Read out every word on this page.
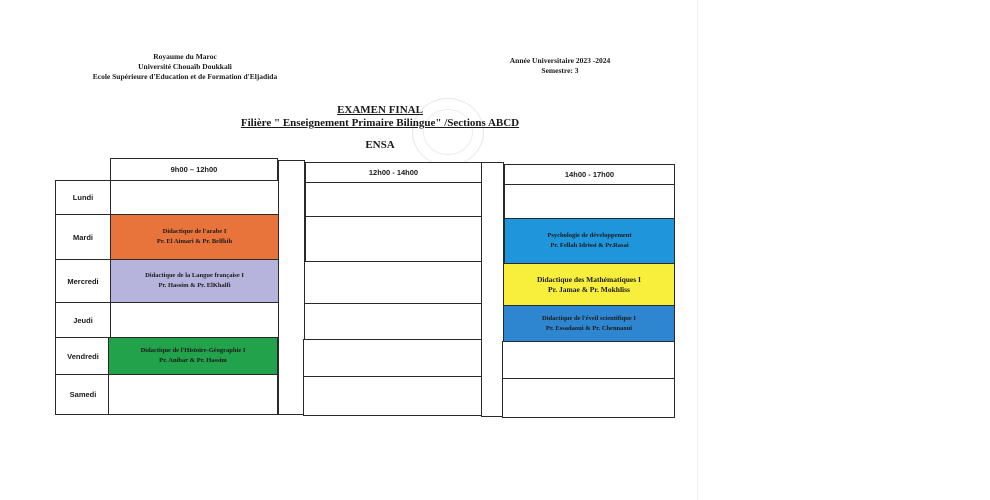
Royaume du Maroc
Université Chouaïb Doukkali
Ecole Supérieure d'Education et de Formation d'Eljadida
Année Universitaire 2023 -2024
Semestre: 3
EXAMEN FINAL
Filière " Enseignement Primaire Bilingue" /Sections ABCD
ENSA
9h00 – 12h00	12h00 - 14h00	14h00 - 17h00
Lundi
Mardi
Mercredi
Jeudi
Vendredi
Samedi
Didactique de l'arabe I
Pr. El Aimari & Pr. Belfkih
Didactique de la Langue française I
Pr. Hassim & Pr. ElKhalfi
Didactique de l'Histoire-Géographie I
Pr. Anibar & Pr. Hassim
Psychologie de développement
Pr. Fellah Idrissi & Pr.Rasai
Didactique des Mathématiques I
Pr. Jamae & Pr. Mokhliss
Didactique de l'éveil scientifique I
Pr. Essadaoui & Pr. Chennaoui
